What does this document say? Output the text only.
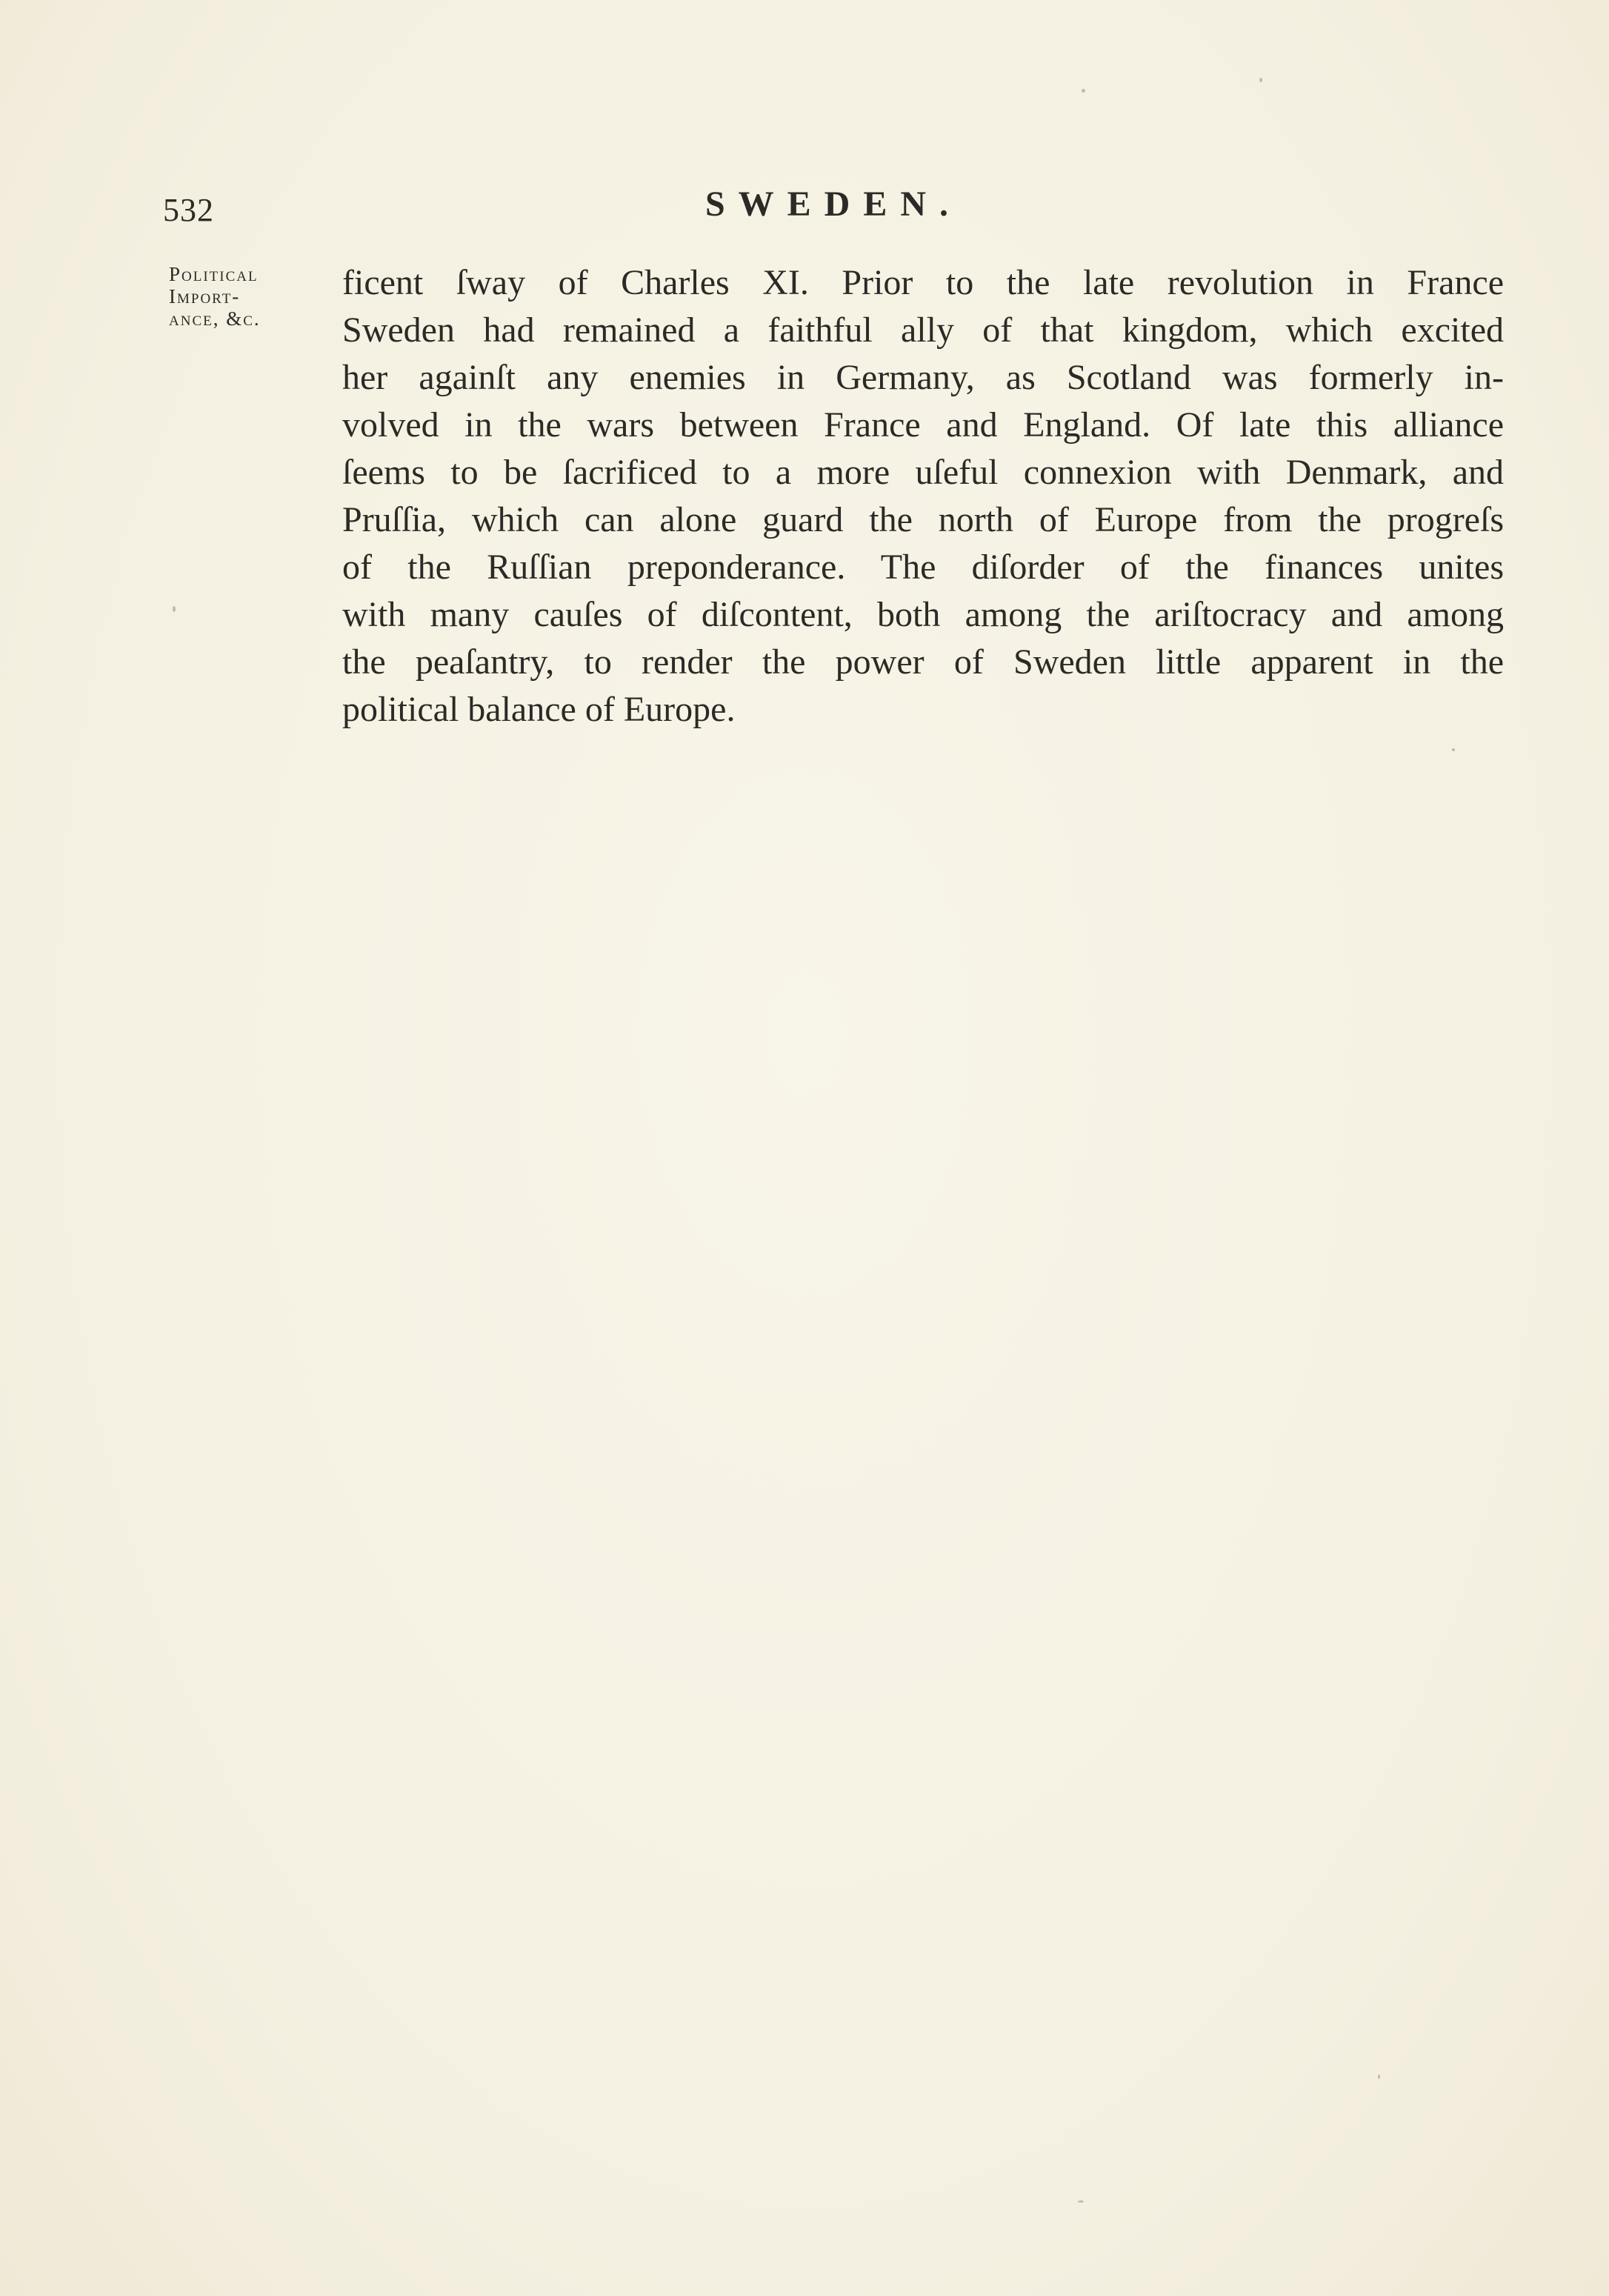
532	SWEDEN.
Political
Import-
ance, &c.
ficent ſway of Charles XI. Prior to the late revolution in France
Sweden had remained a faithful ally of that kingdom, which excited
her againſt any enemies in Germany, as Scotland was formerly in-
volved in the wars between France and England. Of late this alliance
ſeems to be ſacrificed to a more uſeful connexion with Denmark, and
Pruſſia, which can alone guard the north of Europe from the progreſs
of the Ruſſian preponderance. The diſorder of the finances unites
with many cauſes of diſcontent, both among the ariſtocracy and among
the peaſantry, to render the power of Sweden little apparent in the
political balance of Europe.
